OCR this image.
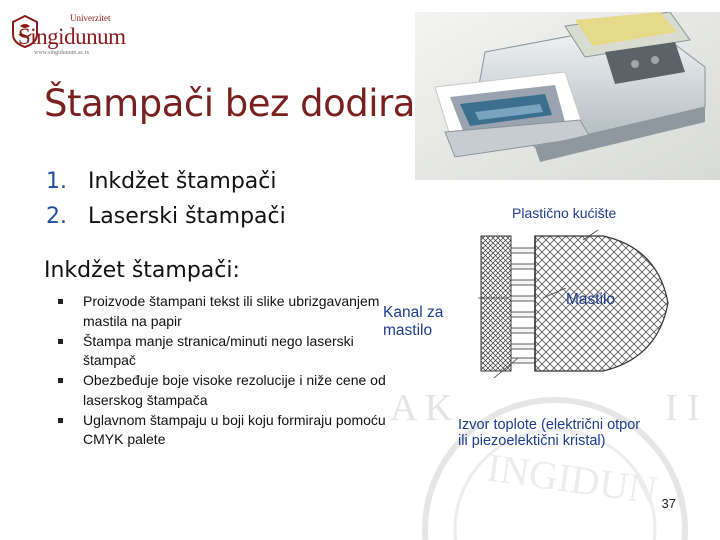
Univerzitet
Singidunum
www.singidunum.ac.rs
Štampači bez dodira
1. Inkdžet štampači
2. Laserski štampači
Inkdžet štampači:
Proizvode štampani tekst ili slike ubrizgavanjem mastila na papir
Štampa manje stranica/minuti nego laserski štampač
Obezbeđuje boje visoke rezolucije i niže cene od laserskog štampača
Uglavnom štampaju u boji koju formiraju pomoću CMYK palete
A K	I I
INGIDUN
Plastično kućište
Kanal za
mastilo
Mastilo
Izvor toplote (električni otpor
ili piezoelektični kristal)
37
